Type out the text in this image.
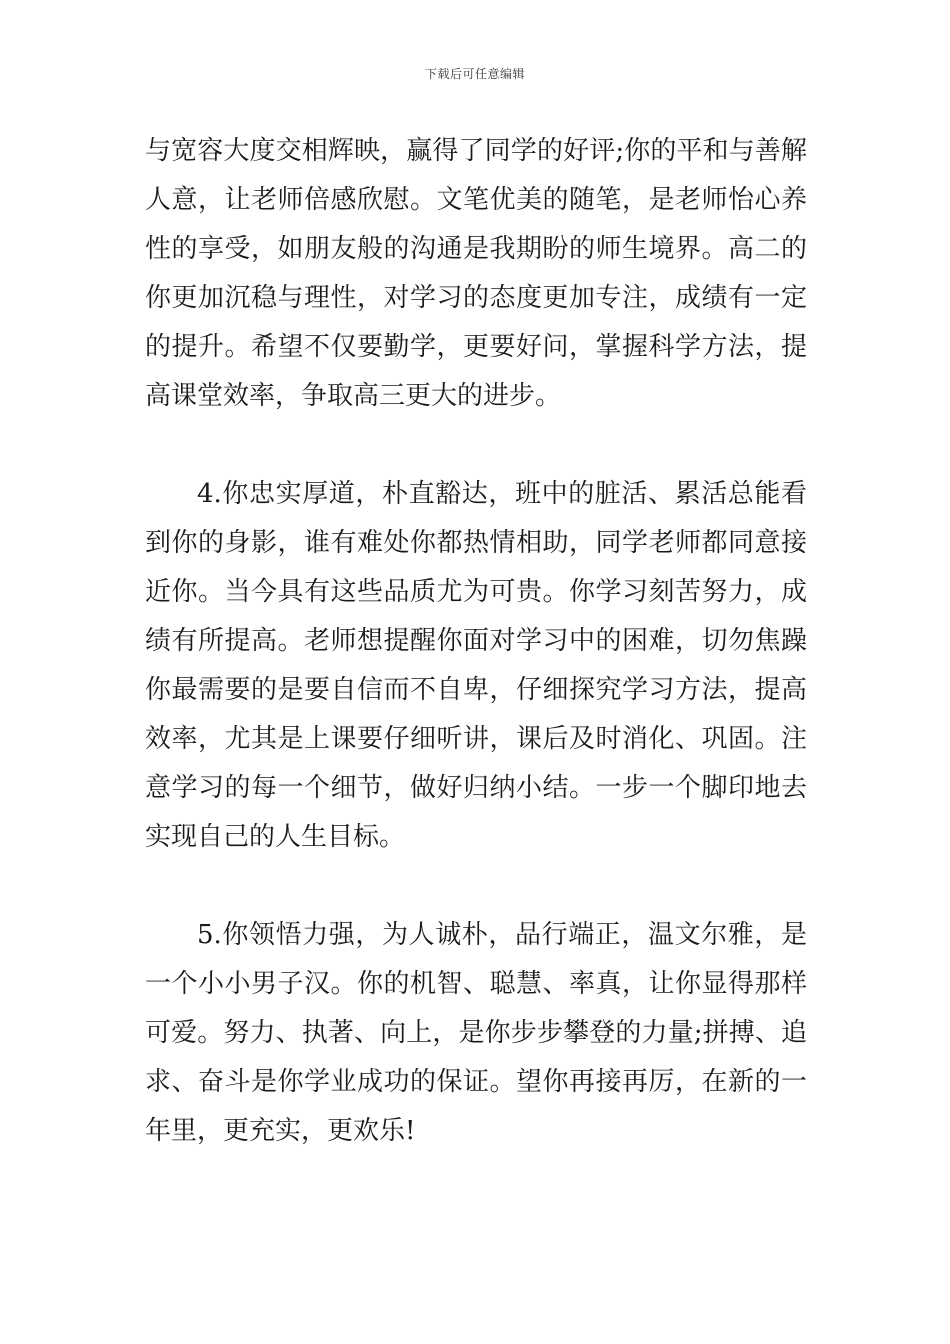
下载后可任意编辑
与宽容大度交相辉映，赢得了同学的好评;你的平和与善解
人意，让老师倍感欣慰。文笔优美的随笔，是老师怡心养
性的享受，如朋友般的沟通是我期盼的师生境界。高二的
你更加沉稳与理性，对学习的态度更加专注，成绩有一定
的提升。希望不仅要勤学，更要好问，掌握科学方法，提
高课堂效率，争取高三更大的进步。
4.你忠实厚道，朴直豁达，班中的脏活、累活总能看
到你的身影，谁有难处你都热情相助，同学老师都同意接
近你。当今具有这些品质尤为可贵。你学习刻苦努力，成
绩有所提高。老师想提醒你面对学习中的困难，切勿焦躁
你最需要的是要自信而不自卑，仔细探究学习方法，提高
效率，尤其是上课要仔细听讲，课后及时消化、巩固。注
意学习的每一个细节，做好归纳小结。一步一个脚印地去
实现自己的人生目标。
5.你领悟力强，为人诚朴，品行端正，温文尔雅，是
一个小小男子汉。你的机智、聪慧、率真，让你显得那样
可爱。努力、执著、向上，是你步步攀登的力量;拼搏、追
求、奋斗是你学业成功的保证。望你再接再厉，在新的一
年里，更充实，更欢乐!
